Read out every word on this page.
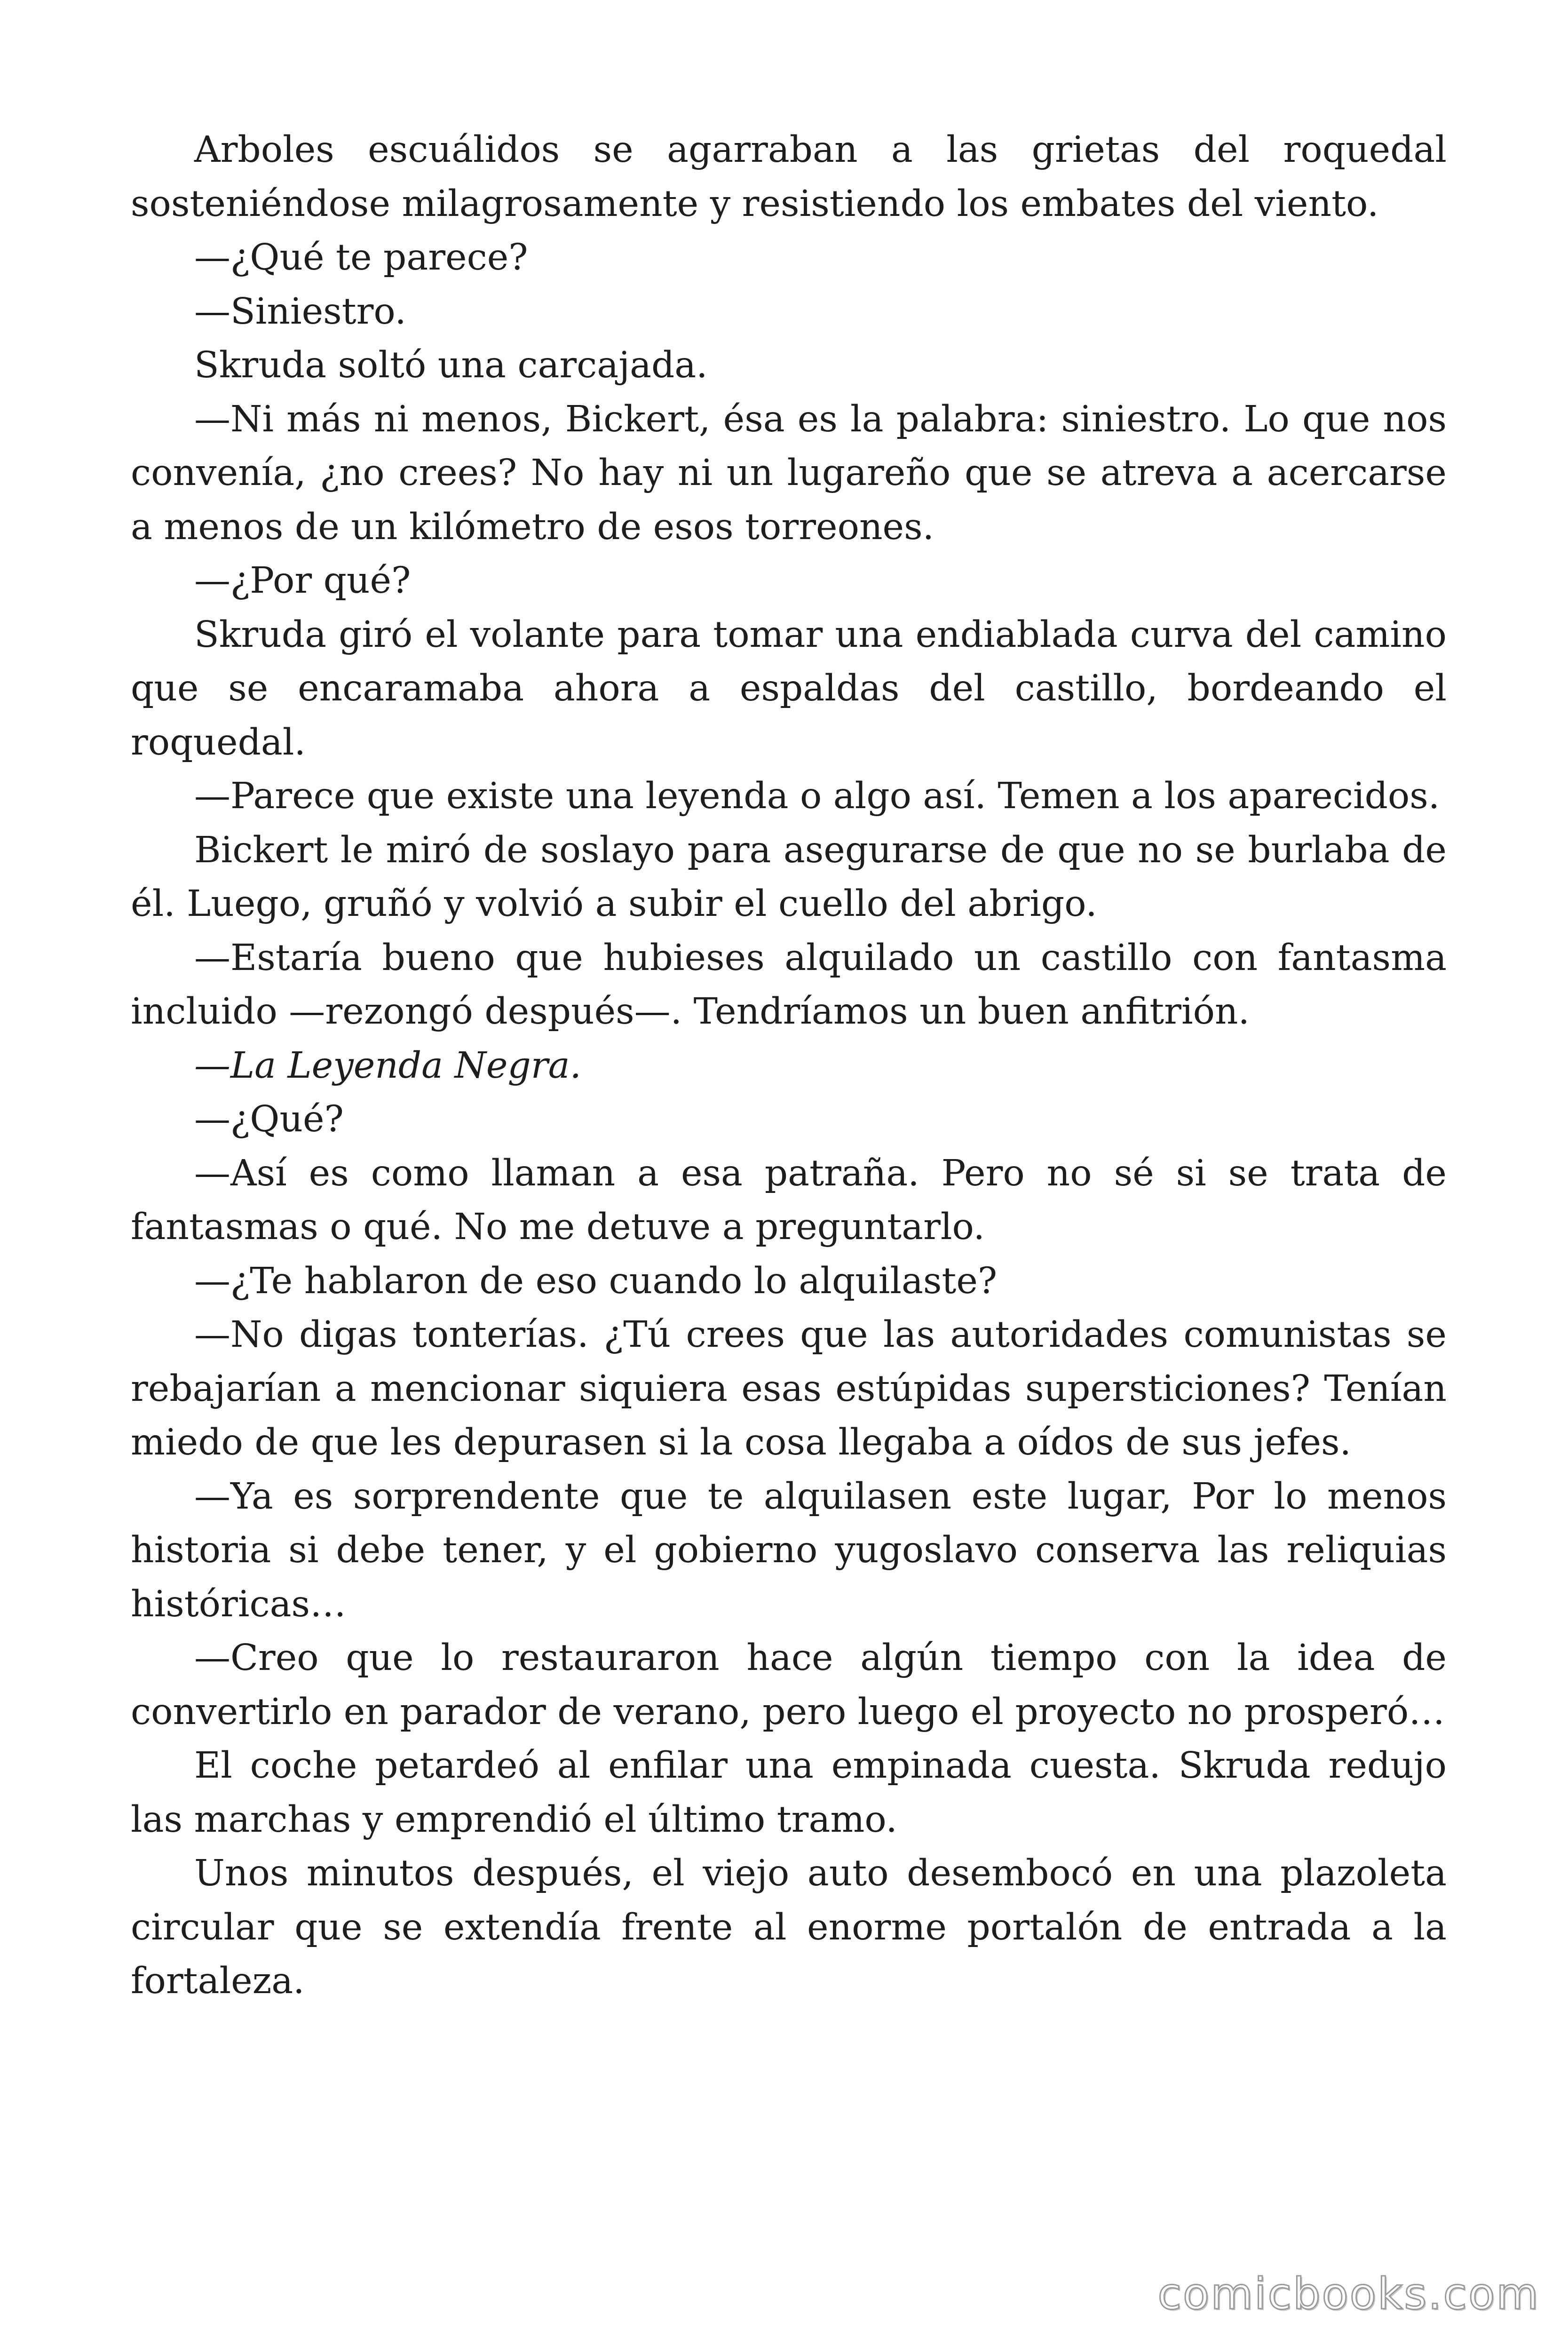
Arboles escuálidos se agarraban a las grietas del roquedal sosteniéndose milagrosamente y resistiendo los embates del viento.

—¿Qué te parece?

—Siniestro.

Skruda soltó una carcajada.

—Ni más ni menos, Bickert, ésa es la palabra: siniestro. Lo que nos convenía, ¿no crees? No hay ni un lugareño que se atreva a acercarse a menos de un kilómetro de esos torreones.

—¿Por qué?

Skruda giró el volante para tomar una endiablada curva del camino que se encaramaba ahora a espaldas del castillo, bordeando el roquedal.

—Parece que existe una leyenda o algo así. Temen a los aparecidos.

Bickert le miró de soslayo para asegurarse de que no se burlaba de él. Luego, gruñó y volvió a subir el cuello del abrigo.

—Estaría bueno que hubieses alquilado un castillo con fantasma incluido —rezongó después—. Tendríamos un buen anfitrión.

—La Leyenda Negra.

—¿Qué?

—Así es como llaman a esa patraña. Pero no sé si se trata de fantasmas o qué. No me detuve a preguntarlo.

—¿Te hablaron de eso cuando lo alquilaste?

—No digas tonterías. ¿Tú crees que las autoridades comunistas se rebajarían a mencionar siquiera esas estúpidas supersticiones? Tenían miedo de que les depurasen si la cosa llegaba a oídos de sus jefes.

—Ya es sorprendente que te alquilasen este lugar, Por lo menos historia si debe tener, y el gobierno yugoslavo conserva las reliquias históricas…

—Creo que lo restauraron hace algún tiempo con la idea de convertirlo en parador de verano, pero luego el proyecto no prosperó…

El coche petardeó al enfilar una empinada cuesta. Skruda redujo las marchas y emprendió el último tramo.

Unos minutos después, el viejo auto desembocó en una plazoleta circular que se extendía frente al enorme portalón de entrada a la fortaleza.

comicbooks.com
